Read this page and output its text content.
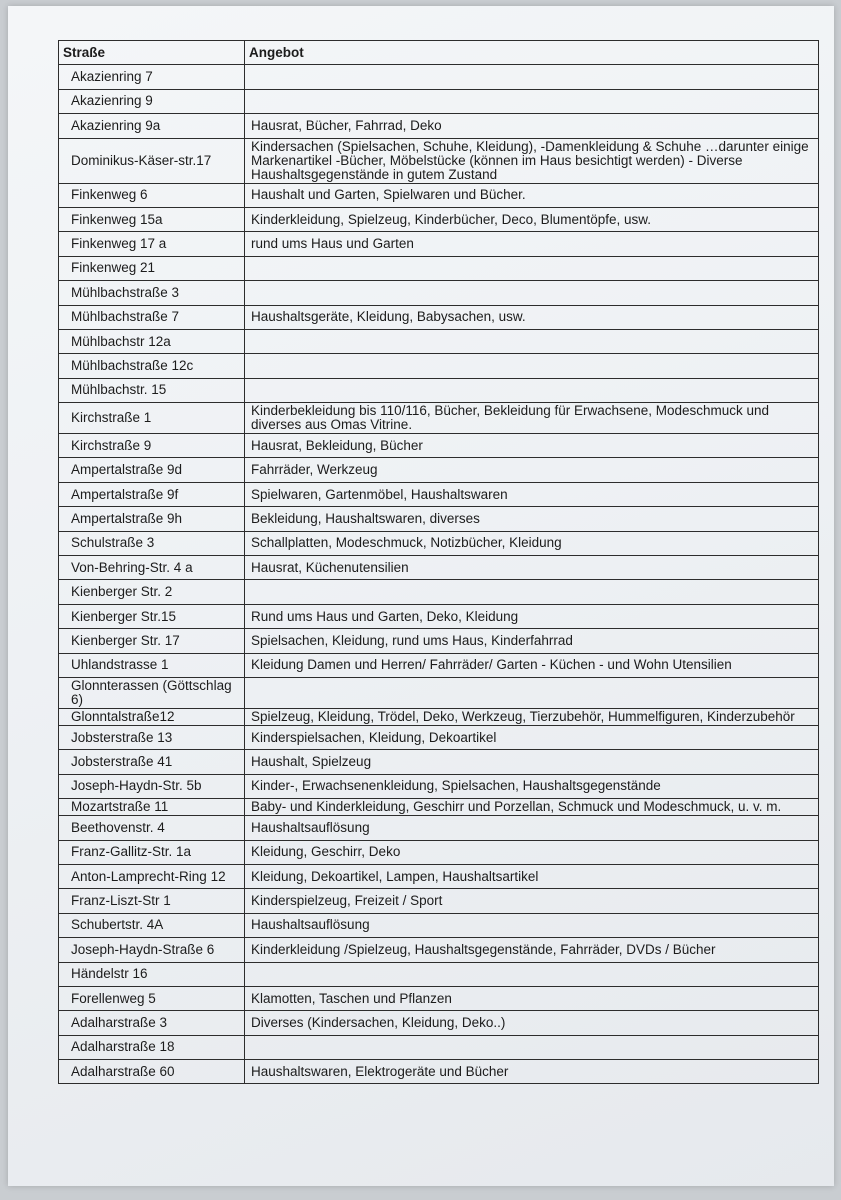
Straße	Angebot
Akazienring 7	
Akazienring 9	
Akazienring 9a	Hausrat, Bücher, Fahrrad, Deko
Dominikus-Käser-str.17	Kindersachen (Spielsachen, Schuhe, Kleidung), -Damenkleidung & Schuhe …darunter einige Markenartikel -Bücher, Möbelstücke (können im Haus besichtigt werden) - Diverse Haushaltsgegenstände in gutem Zustand
Finkenweg 6	Haushalt und Garten, Spielwaren und Bücher.
Finkenweg 15a	Kinderkleidung, Spielzeug, Kinderbücher, Deco, Blumentöpfe, usw.
Finkenweg 17 a	rund ums Haus und Garten
Finkenweg 21	
Mühlbachstraße 3	
Mühlbachstraße 7	Haushaltsgeräte, Kleidung, Babysachen, usw.
Mühlbachstr 12a	
Mühlbachstraße 12c	
Mühlbachstr. 15	
Kirchstraße 1	Kinderbekleidung bis 110/116, Bücher, Bekleidung für Erwachsene, Modeschmuck und diverses aus Omas Vitrine.
Kirchstraße 9	Hausrat, Bekleidung, Bücher
Ampertalstraße 9d	Fahrräder, Werkzeug
Ampertalstraße 9f	Spielwaren, Gartenmöbel, Haushaltswaren
Ampertalstraße 9h	Bekleidung, Haushaltswaren, diverses
Schulstraße 3	Schallplatten, Modeschmuck, Notizbücher, Kleidung
Von-Behring-Str. 4 a	Hausrat, Küchenutensilien
Kienberger Str. 2	
Kienberger Str.15	Rund ums Haus und Garten, Deko, Kleidung
Kienberger Str. 17	Spielsachen, Kleidung, rund ums Haus, Kinderfahrrad
Uhlandstrasse 1	Kleidung Damen und Herren/ Fahrräder/ Garten - Küchen - und Wohn Utensilien
Glonnterassen (Göttschlag 6)	
Glonntalstraße12	Spielzeug, Kleidung, Trödel, Deko, Werkzeug, Tierzubehör, Hummelfiguren, Kinderzubehör
Jobsterstraße 13	Kinderspielsachen, Kleidung, Dekoartikel
Jobsterstraße 41	Haushalt, Spielzeug
Joseph-Haydn-Str. 5b	Kinder-, Erwachsenenkleidung, Spielsachen, Haushaltsgegenstände
Mozartstraße 11	Baby- und Kinderkleidung, Geschirr und Porzellan, Schmuck und Modeschmuck, u. v. m.
Beethovenstr. 4	Haushaltsauflösung
Franz-Gallitz-Str. 1a	Kleidung, Geschirr, Deko
Anton-Lamprecht-Ring 12	Kleidung, Dekoartikel, Lampen, Haushaltsartikel
Franz-Liszt-Str 1	Kinderspielzeug, Freizeit / Sport
Schubertstr. 4A	Haushaltsauflösung
Joseph-Haydn-Straße 6	Kinderkleidung /Spielzeug, Haushaltsgegenstände, Fahrräder, DVDs / Bücher
Händelstr 16	
Forellenweg 5	Klamotten, Taschen und Pflanzen
Adalharstraße 3	Diverses (Kindersachen, Kleidung, Deko..)
Adalharstraße 18	
Adalharstraße 60	Haushaltswaren, Elektrogeräte und Bücher
